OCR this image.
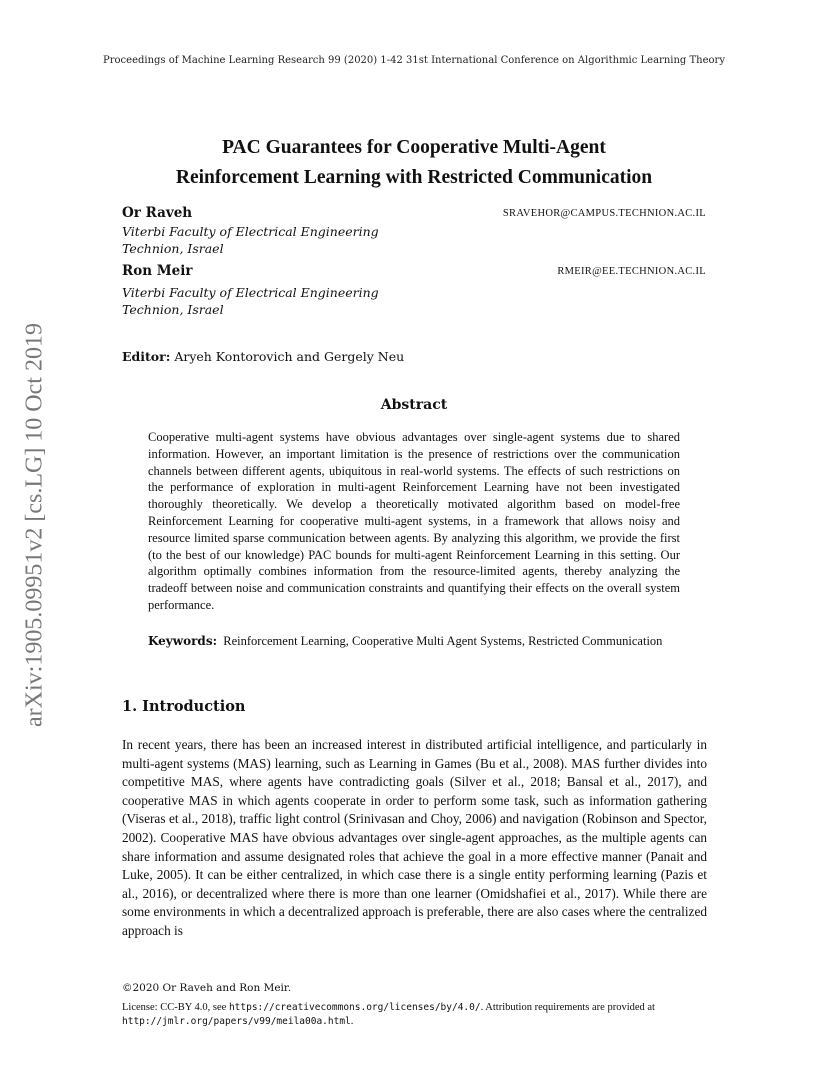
Proceedings of Machine Learning Research 99 (2020) 1-42 31st International Conference on Algorithmic Learning Theory
arXiv:1905.09951v2 [cs.LG] 10 Oct 2019
PAC Guarantees for Cooperative Multi-Agent
Reinforcement Learning with Restricted Communication
Or Raveh	SRAVEHOR@CAMPUS.TECHNION.AC.IL
Viterbi Faculty of Electrical Engineering
Technion, Israel
Ron Meir	RMEIR@EE.TECHNION.AC.IL
Viterbi Faculty of Electrical Engineering
Technion, Israel
Editor: Aryeh Kontorovich and Gergely Neu
Abstract
Cooperative multi-agent systems have obvious advantages over single-agent systems due to shared information. However, an important limitation is the presence of restrictions over the communication channels between different agents, ubiquitous in real-world systems. The effects of such restrictions on the performance of exploration in multi-agent Reinforcement Learning have not been investigated thoroughly theoretically. We develop a theoretically motivated algorithm based on model-free Reinforcement Learning for cooperative multi-agent systems, in a framework that allows noisy and resource limited sparse communication between agents. By analyzing this algorithm, we provide the first (to the best of our knowledge) PAC bounds for multi-agent Reinforcement Learning in this setting. Our algorithm optimally combines information from the resource-limited agents, thereby analyzing the tradeoff between noise and communication constraints and quantifying their effects on the overall system performance.
Keywords: Reinforcement Learning, Cooperative Multi Agent Systems, Restricted Communication
1. Introduction
In recent years, there has been an increased interest in distributed artificial intelligence, and particularly in multi-agent systems (MAS) learning, such as Learning in Games (Bu et al., 2008). MAS further divides into competitive MAS, where agents have contradicting goals (Silver et al., 2018; Bansal et al., 2017), and cooperative MAS in which agents cooperate in order to perform some task, such as information gathering (Viseras et al., 2018), traffic light control (Srinivasan and Choy, 2006) and navigation (Robinson and Spector, 2002). Cooperative MAS have obvious advantages over single-agent approaches, as the multiple agents can share information and assume designated roles that achieve the goal in a more effective manner (Panait and Luke, 2005). It can be either centralized, in which case there is a single entity performing learning (Pazis et al., 2016), or decentralized where there is more than one learner (Omidshafiei et al., 2017). While there are some environments in which a decentralized approach is preferable, there are also cases where the centralized approach is
©2020 Or Raveh and Ron Meir.
License: CC-BY 4.0, see https://creativecommons.org/licenses/by/4.0/. Attribution requirements are provided at http://jmlr.org/papers/v99/meila00a.html.
